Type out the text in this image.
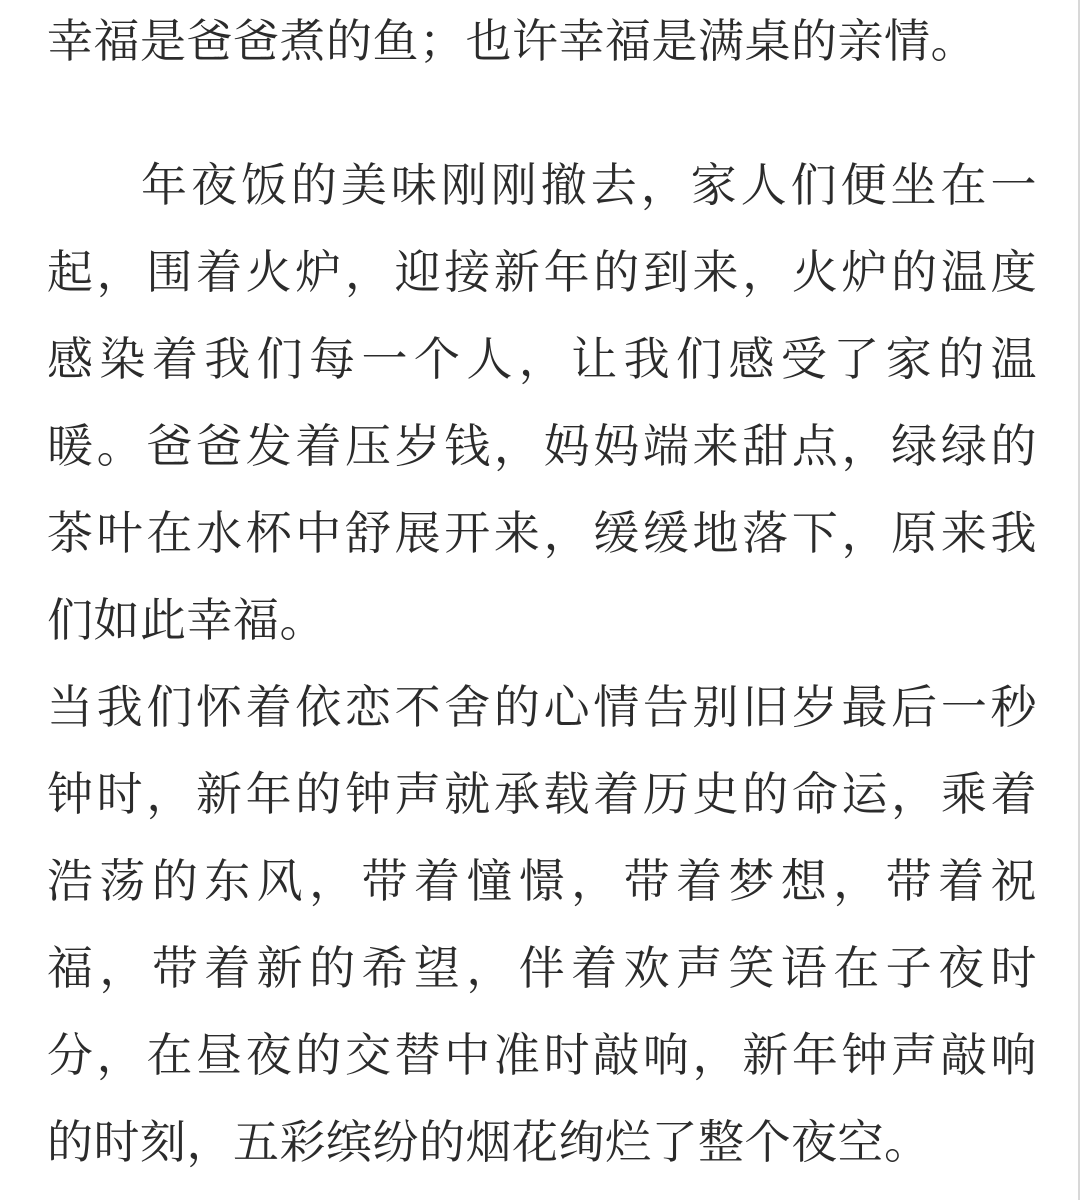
幸福是爸爸煮的鱼；也许幸福是满桌的亲情。
年夜饭的美味刚刚撤去，家人们便坐在一
起，围着火炉，迎接新年的到来，火炉的温度
感染着我们每一个人，让我们感受了家的温
暖。爸爸发着压岁钱，妈妈端来甜点，绿绿的
茶叶在水杯中舒展开来，缓缓地落下，原来我
们如此幸福。
当我们怀着依恋不舍的心情告别旧岁最后一秒
钟时，新年的钟声就承载着历史的命运，乘着
浩荡的东风，带着憧憬，带着梦想，带着祝
福，带着新的希望，伴着欢声笑语在子夜时
分，在昼夜的交替中准时敲响，新年钟声敲响
的时刻，五彩缤纷的烟花绚烂了整个夜空。
